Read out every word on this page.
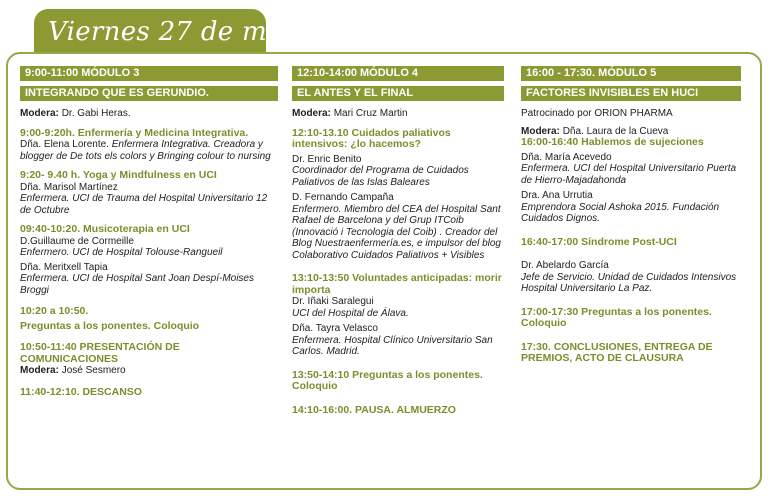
Viernes 27 de mayo
9:00-11:00 MÓDULO 3
INTEGRANDO QUE ES GERUNDIO.
Modera: Dr. Gabi Heras.
9:00-9:20h. Enfermería y Medicina Integrativa.
Dña. Elena Lorente. Enfermera Integrativa. Creadora y blogger de De tots els colors y Bringing colour to nursing
9:20- 9.40 h. Yoga y Mindfulness en UCI
Dña. Marisol Martínez
Enfermera. UCI de Trauma del Hospital Universitario 12 de Octubre
09:40-10:20. Musicoterapia en UCI
D.Guillaume de Cormeille
Enfermero. UCI de Hospital Tolouse-Rangueil
Dña. Meritxell Tapia
Enfermera. UCI de Hospital Sant Joan Despí-Moises Broggi
10:20 a 10:50.
Preguntas a los ponentes. Coloquio
10:50-11:40 PRESENTACIÓN DE COMUNICACIONES
Modera: José Sesmero
11:40-12:10. DESCANSO
12:10-14:00 MÓDULO 4
EL ANTES Y EL FINAL
Modera: Mari Cruz Martin
12:10-13.10 Cuidados paliativos intensivos: ¿lo hacemos?
Dr. Enric Benito
Coordinador del Programa de Cuidados Paliativos de las Islas Baleares
D. Fernando Campaña
Enfermero. Miembro del CEA del Hospital Sant Rafael de Barcelona y del Grup ITCoib (Innovació i Tecnologia del Coib) . Creador del Blog Nuestraenfermería.es, e impulsor del blog Colaborativo Cuidados Paliativos + Visibles
13:10-13:50 Voluntades anticipadas: morir importa
Dr. Iñaki Saralegui
UCI del Hospital de Álava.
Dña. Tayra Velasco
Enfermera. Hospital Clínico Universitario San Carlos. Madrid.
13:50-14:10 Preguntas a los ponentes. Coloquio
14:10-16:00. PAUSA. ALMUERZO
16:00 - 17:30. MÓDULO 5
FACTORES INVISIBLES EN HUCI
Patrocinado por ORION PHARMA
Modera: Dña. Laura de la Cueva
16:00-16:40 Hablemos de sujeciones
Dña. María Acevedo
Enfermera. UCI del Hospital Universitario Puerta de Hierro-Majadahonda
Dra. Ana Urrutia
Emprendora Social Ashoka 2015. Fundación Cuidados Dignos.
16:40-17:00 Síndrome Post-UCI
Dr. Abelardo García
Jefe de Servicio. Unidad de Cuidados Intensivos Hospital Universitario La Paz.
17:00-17:30 Preguntas a los ponentes. Coloquio
17:30. CONCLUSIONES, ENTREGA DE PREMIOS, ACTO DE CLAUSURA
